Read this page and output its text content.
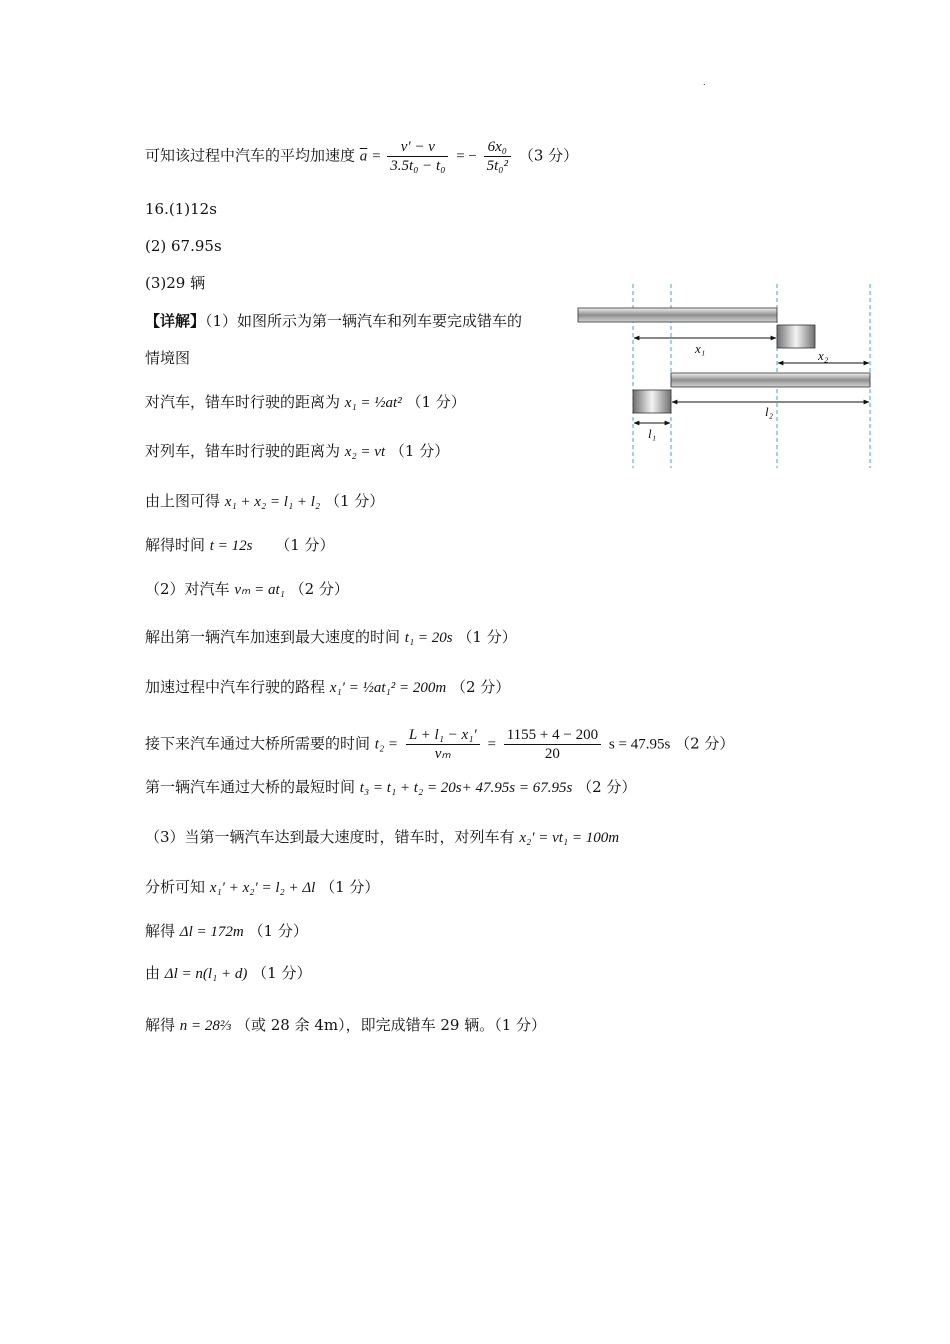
.
可知该过程中汽车的平均加速度 $\overline{a} = \frac{v' - v}{\text{3.5t₀ − t₀}}$ = − $\frac{\text{6x₀}}{\text{5t₀²}} (3$ 分）
16.(1)12s
(2) 67.95s
(3)29 辆
【详解】（1）如图所示为第一辆汽车和列车要完成错车的
情境图
对汽车，错车时行驶的距离为 x₁ = ½at² （1 分）
对列车，错车时行驶的距离为 x₂ = vt （1 分）
由上图可得 x₁ + x₂ = l₁ + l₂ （1 分）
解得时间 t = 12s （1 分）
（2）对汽车 vₘ = at₁ （2 分）
解出第一辆汽车加速到最大速度的时间 t₁ = 20s （1 分）
加速过程中汽车行驶的路程 x₁′ = ½at₁² = 200m （2 分）
接下来汽车通过大桥所需要的时间 $t_2 = \frac{\text{L + l₁ − x₁′}}{\text{vₘ}} = \frac{1155 + 4 - 200}{20}$ s = 47.95s （2 分）
第一辆汽车通过大桥的最短时间 t₃ = t₁ + t₂ = 20s+ 47.95s = 67.95s （2 分）
（3）当第一辆汽车达到最大速度时，错车时，对列车有 x₂′ = vt₁ = 100m
分析可知 x₁′ + x₂′ = l₂ + Δl （1 分）
解得 Δl = 172m （1 分）
由 Δl = n(l₁ + d) （1 分）
解得 n = 28⅔ （或 28 余 4m），即完成错车 29 辆。（1 分）
x₁	x₂
l₂
l₁
